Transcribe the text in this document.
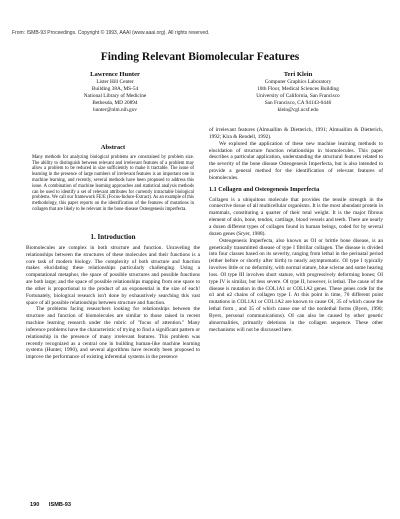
From: ISMB-93 Proceedings. Copyright © 1993, AAAI (www.aaai.org). All rights reserved.
Finding Relevant Biomolecular Features
Lawrence Hunter
Lister Hill Center
Building 38A, MS-54
National Library of Medicine
Bethesda, MD 20894
hunter@nlm.nih.gov
Teri Klein
Computer Graphics Laboratory
10th Floor, Medical Sciences Building
University of California, San Francisco
San Francisco, CA 94143-0446
klein@cgl.ucsf.edu
Abstract

Many methods for analyzing biological problems are constrained by problem size. The ability to distinguish between relevant and irrelevant features of a problem may allow a problem to be reduced in size sufficiently to make it tractable. The issue of learning in the presence of large numbers of irrelevant features is an important one in machine learning, and recently, several methods have been proposed to address this issue. A combination of machine learning approaches and statistical analysis methods can be used to identify a set of relevant attributes for currently intractable biological problems. We call our framework FE/E (Focus-Induce-Extract). As an example of this methodology, this paper reports on the identification of the features of mutations in collagen that are likely to be relevant in the bone disease Osteogenesis imperfecta.

1. Introduction

Biomolecules are complex in both structure and function. Unraveling the relationships between the structures of these molecules and their functions is a core task of modern biology. The complexity of both structure and function makes elucidating these relationships particularly challenging. Using a computational metaphor, the space of possible structures and possible functions are both large; and the space of possible relationships mapping from one space to the other is proportional to the product of an exponential in the size of each! Fortunately, biological research isn't done by exhaustively searching this vast space of all possible relationships between structure and function.

The problems facing researchers looking for relationships between the structure and function of biomolecules are similar to those raised in recent machine learning research under the rubric of "focus of attention." Many inference problems have the characteristic of trying to find a significant pattern or relationship in the presence of many irrelevant features. This problem was recently recognized as a central one in building human-like machine learning systems (Hunter, 1990), and several algorithms have recently been proposed to improve the performance of existing inferential systems in the presence

of irrelevant features (Almuallim & Dietterich, 1991; Almuallim & Dietterich, 1992; Kira & Rendell, 1992).

We explored the application of these new machine learning methods to elucidation of structure function relationships in biomolecules. This paper describes a particular application, understanding the structural features related to the severity of the bone disease Osteogenesis Imperfecta, but is also intended to provide a general method for the identification of relevant features of biomolecules.

1.1 Collagen and Osteogenesis Imperfecta

Collagen is a ubiquitous molecule that provides the tensile strength in the connective tissue of all multicellular organisms. It is the most abundant protein in mammals, constituting a quarter of their total weight. It is the major fibrous element of skin, bone, tendon, cartilage, blood vessels and teeth. There are nearly a dozen different types of collagen found in human beings, coded for by several dozen genes (Sryer, 1988).

Osteogenesis Imperfecta, also known as OI or brittle bone disease, is an genetically transmitted disease of type I fibrillar collagen. The disease is divided into four classes based on its severity, ranging from lethal in the perinatal period (either before or shortly after birth) to nearly asymptomatic. OI type I typically involves little or no deformity, with normal stature, blue sclerae and some hearing loss. OI type III involves short stature, with progressively deforming bones; OI type IV is similar, but less severe. OI type II, however, is lethal. The cause of the disease is mutation in the COL1A1 or COL1A2 genes. These genes code for the α1 and α2 chains of collagen type I. At this point in time, 70 different point mutations in COL1A1 or COL1A2 are known to cause OI, 35 of which cause the lethal form , and 35 of which cause one of the nonlethal forms (Byers, 1990; Byers, personal communications). OI can also be caused by other genetic abnormalities, primarily deletions in the collagen sequence. These other mechanisms will not be discussed here.

190 ISMB-93
